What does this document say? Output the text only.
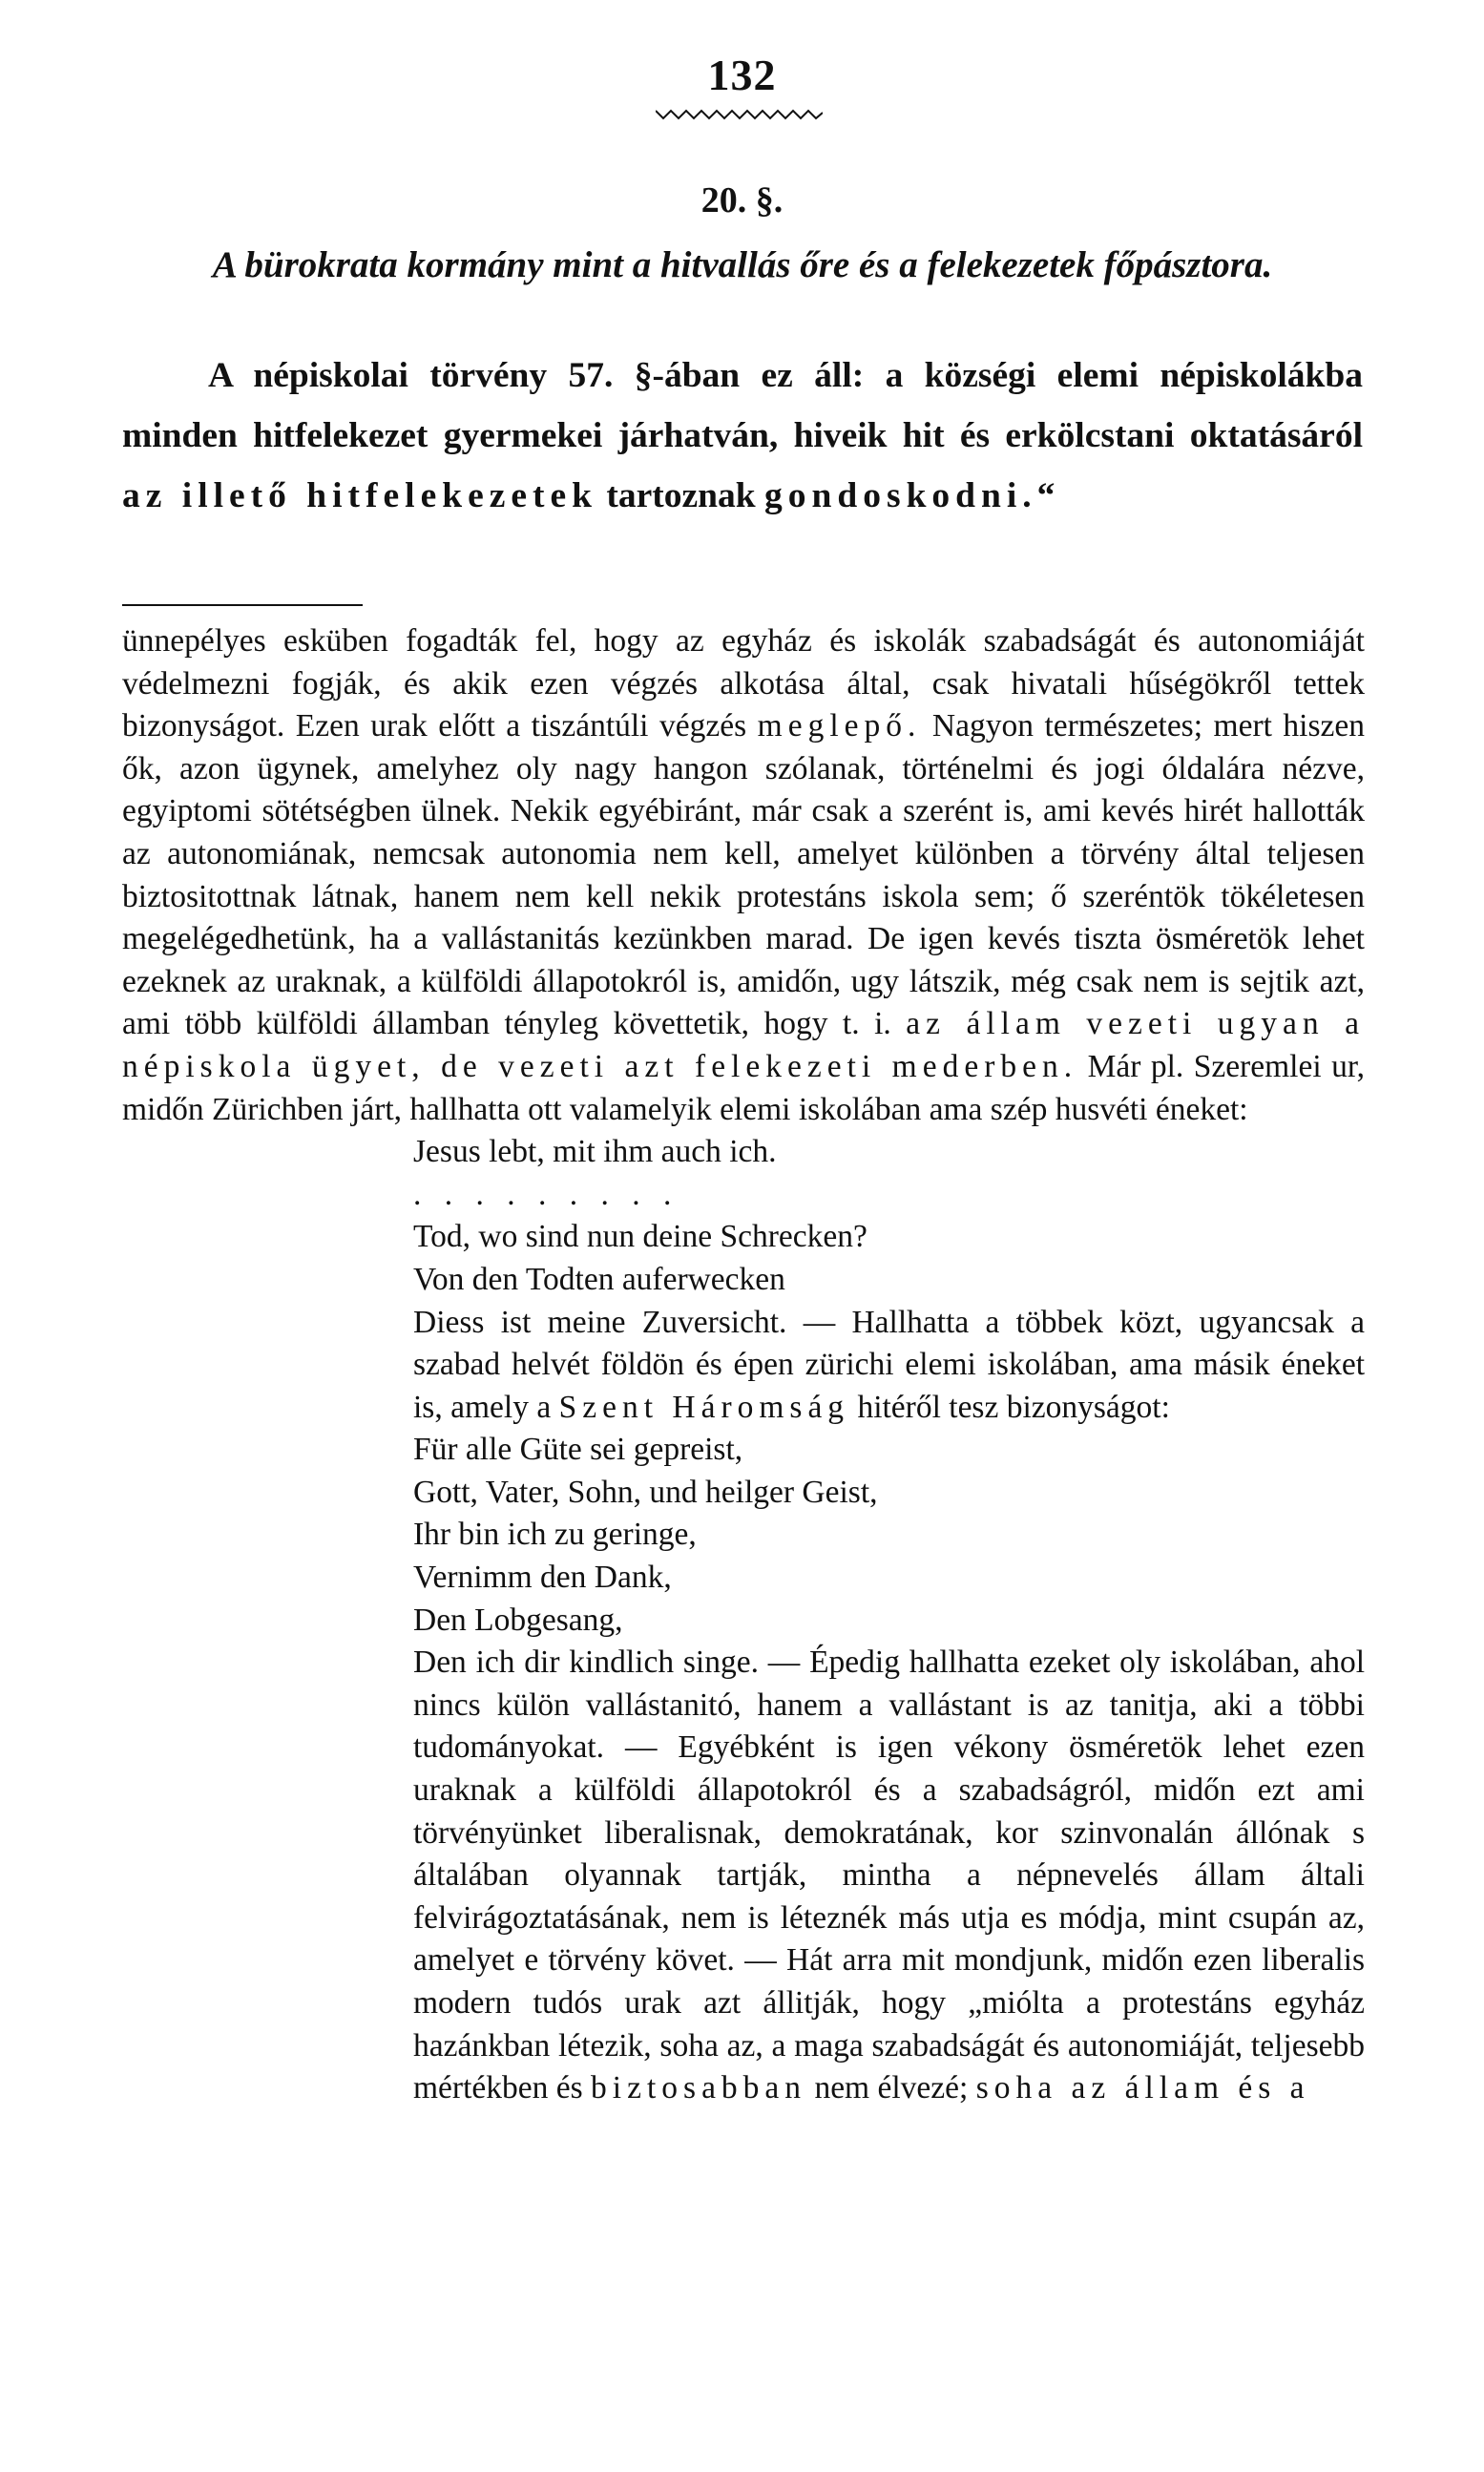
132
20. §.
A bürokrata kormány mint a hitvallás őre és a felekezetek főpásztora.

A népiskolai törvény 57. §-ában ez áll: a községi elemi népiskolákba minden hitfelekezet gyermekei járhatván, hiveik hit és erkölcstani oktatásáról az illető hitfelekezetek tartoznak gondoskodni.“

ünnepélyes esküben fogadták fel, hogy az egyház és iskolák szabadságát és autonomiáját védelmezni fogják, és akik ezen végzés alkotása által, csak hivatali hűségökről tettek bizonyságot. Ezen urak előtt a tiszántúli végzés meglepő. Nagyon természetes; mert hiszen ők, azon ügynek, amelyhez oly nagy hangon szólanak, történelmi és jogi óldalára nézve, egyiptomi sötétségben ülnek. Nekik egyébiránt, már csak a szerént is, ami kevés hirét hallották az autonomiának, nemcsak autonomia nem kell, amelyet különben a törvény által teljesen biztositottnak látnak, hanem nem kell nekik protestáns iskola sem; ő szeréntök tökéletesen megelégedhetünk, ha a vallástanitás kezünkben marad. De igen kevés tiszta ösméretök lehet ezeknek az uraknak, a külföldi állapotokról is, amidőn, ugy látszik, még csak nem is sejtik azt, ami több külföldi államban tényleg követtetik, hogy t. i. az állam vezeti ugyan a népiskola ügyet, de vezeti azt felekezeti mederben. Már pl. Szeremlei ur, midőn Zürichben járt, hallhatta ott valamelyik elemi iskolában ama szép husvéti éneket:

Jesus lebt, mit ihm auch ich.

. . . . . . . . .

Tod, wo sind nun deine Schrecken?

Von den Todten auferwecken

Diess ist meine Zuversicht. — Hallhatta a többek közt, ugyancsak a szabad helvét földön és épen zürichi elemi iskolában, ama másik éneket is, amely a Szent Háromság hitéről tesz bizonyságot:

Für alle Güte sei gepreist,

Gott, Vater, Sohn, und heilger Geist,

Ihr bin ich zu geringe,

Vernimm den Dank,

Den Lobgesang,

Den ich dir kindlich singe. — Épedig hallhatta ezeket oly iskolában, ahol nincs külön vallástanitó, hanem a vallástant is az tanitja, aki a többi tudományokat. — Egyébként is igen vékony ösméretök lehet ezen uraknak a külföldi állapotokról és a szabadságról, midőn ezt ami törvényünket liberalisnak, demokratának, kor szinvonalán állónak s általában olyannak tartják, mintha a népnevelés állam általi felvirágoztatásának, nem is léteznék más utja es módja, mint csupán az, amelyet e törvény követ. — Hát arra mit mondjunk, midőn ezen liberalis modern tudós urak azt állitják, hogy „miólta a protestáns egyház hazánkban létezik, soha az, a maga szabadságát és autonomiáját, teljesebb mértékben és biztosabban nem élvezé; soha az állam és a
